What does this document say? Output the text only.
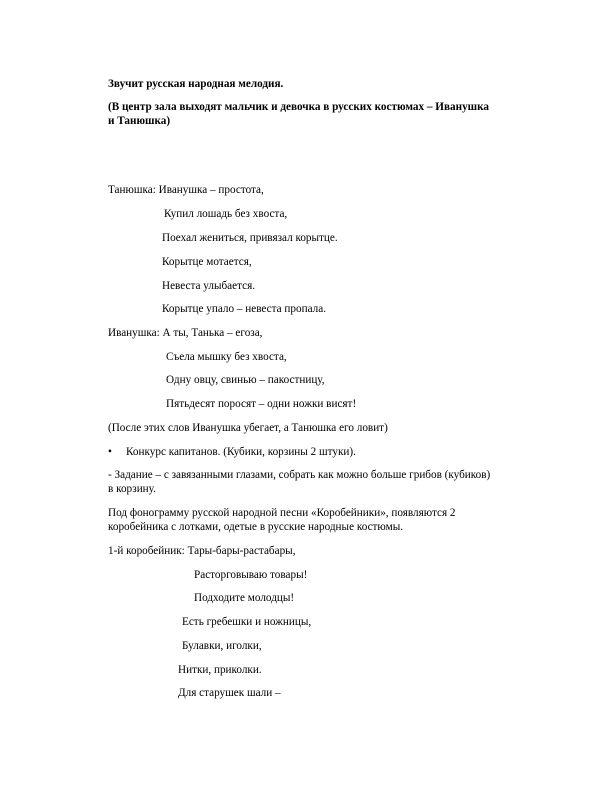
Звучит русская народная мелодия.
(В центр зала выходят мальчик и девочка в русских костюмах – Иванушка
и Танюшка)
Танюшка: Иванушка – простота,
Купил лошадь без хвоста,
Поехал жениться, привязал корытце.
Корытце мотается,
Невеста улыбается.
Корытце упало – невеста пропала.
Иванушка: А ты, Танька – егоза,
Съела мышку без хвоста,
Одну овцу, свинью – пакостницу,
Пятьдесят поросят – одни ножки висят!
(После этих слов Иванушка убегает, а Танюшка его ловит)
• Конкурс капитанов. (Кубики, корзины 2 штуки).
- Задание – с завязанными глазами, собрать как можно больше грибов (кубиков)
в корзину.
Под фонограмму русской народной песни «Коробейники», появляются 2
коробейника с лотками, одетые в русские народные костюмы.
1-й коробейник: Тары-бары-растабары,
Расторговываю товары!
Подходите молодцы!
Есть гребешки и ножницы,
Булавки, иголки,
Нитки, приколки.
Для старушек шали –
